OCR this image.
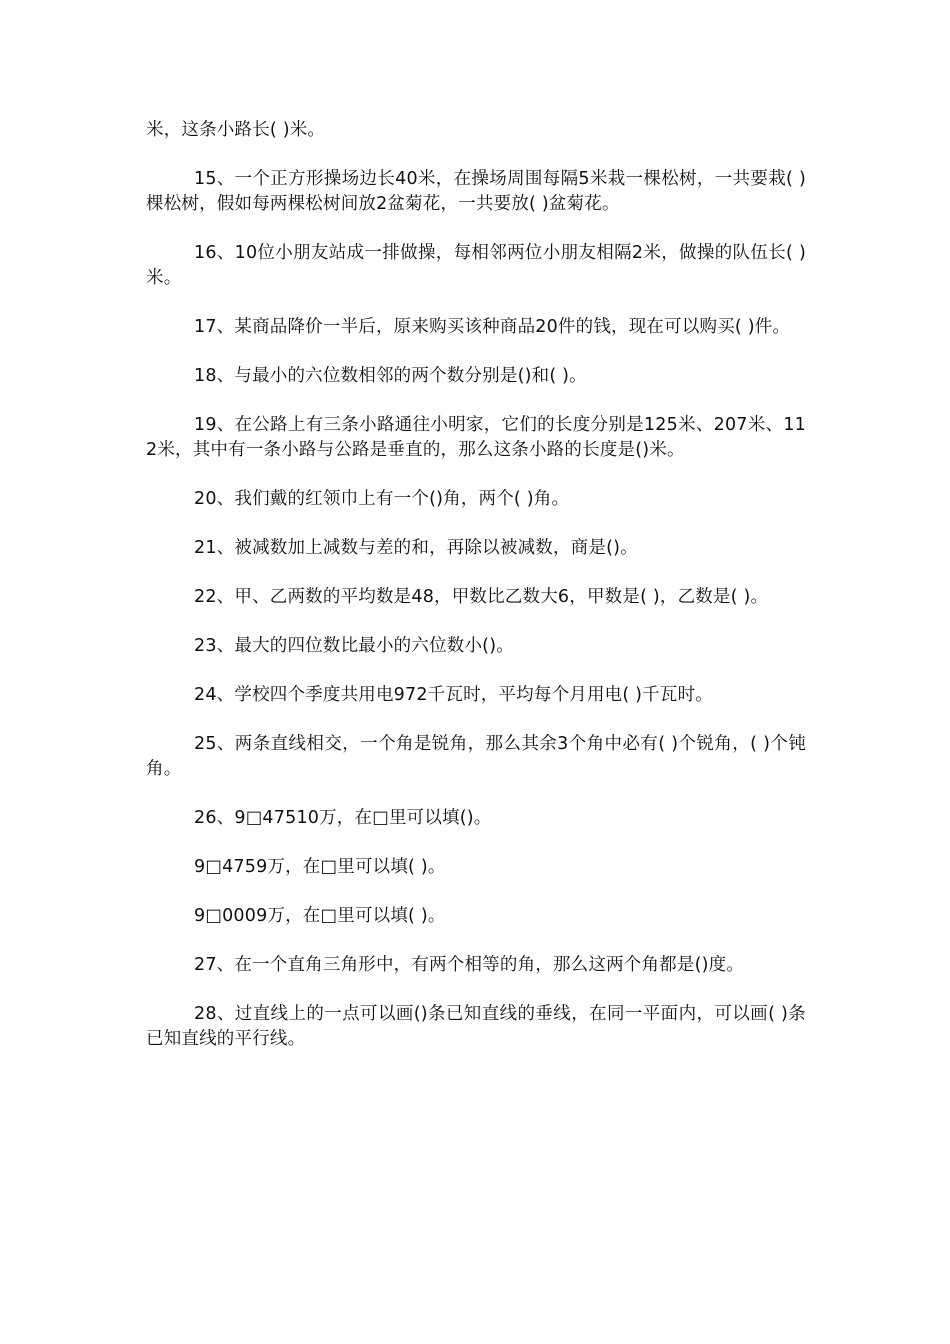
米，这条小路长( )米。

15、一个正方形操场边长40米，在操场周围每隔5米栽一棵松树，一共要栽( )棵松树，假如每两棵松树间放2盆菊花，一共要放( )盆菊花。

16、10位小朋友站成一排做操，每相邻两位小朋友相隔2米，做操的队伍长( )米。

17、某商品降价一半后，原来购买该种商品20件的钱，现在可以购买( )件。

18、与最小的六位数相邻的两个数分别是()和( )。

19、在公路上有三条小路通往小明家，它们的长度分别是125米、207米、112米，其中有一条小路与公路是垂直的，那么这条小路的长度是()米。

20、我们戴的红领巾上有一个()角，两个( )角。

21、被减数加上减数与差的和，再除以被减数，商是()。

22、甲、乙两数的平均数是48，甲数比乙数大6，甲数是( )，乙数是( )。

23、最大的四位数比最小的六位数小()。

24、学校四个季度共用电972千瓦时，平均每个月用电( )千瓦时。

25、两条直线相交，一个角是锐角，那么其余3个角中必有( )个锐角，( )个钝角。

26、9□47510万，在□里可以填()。

9□4759万，在□里可以填( )。

9□0009万，在□里可以填( )。

27、在一个直角三角形中，有两个相等的角，那么这两个角都是()度。

28、过直线上的一点可以画()条已知直线的垂线，在同一平面内，可以画( )条已知直线的平行线。
